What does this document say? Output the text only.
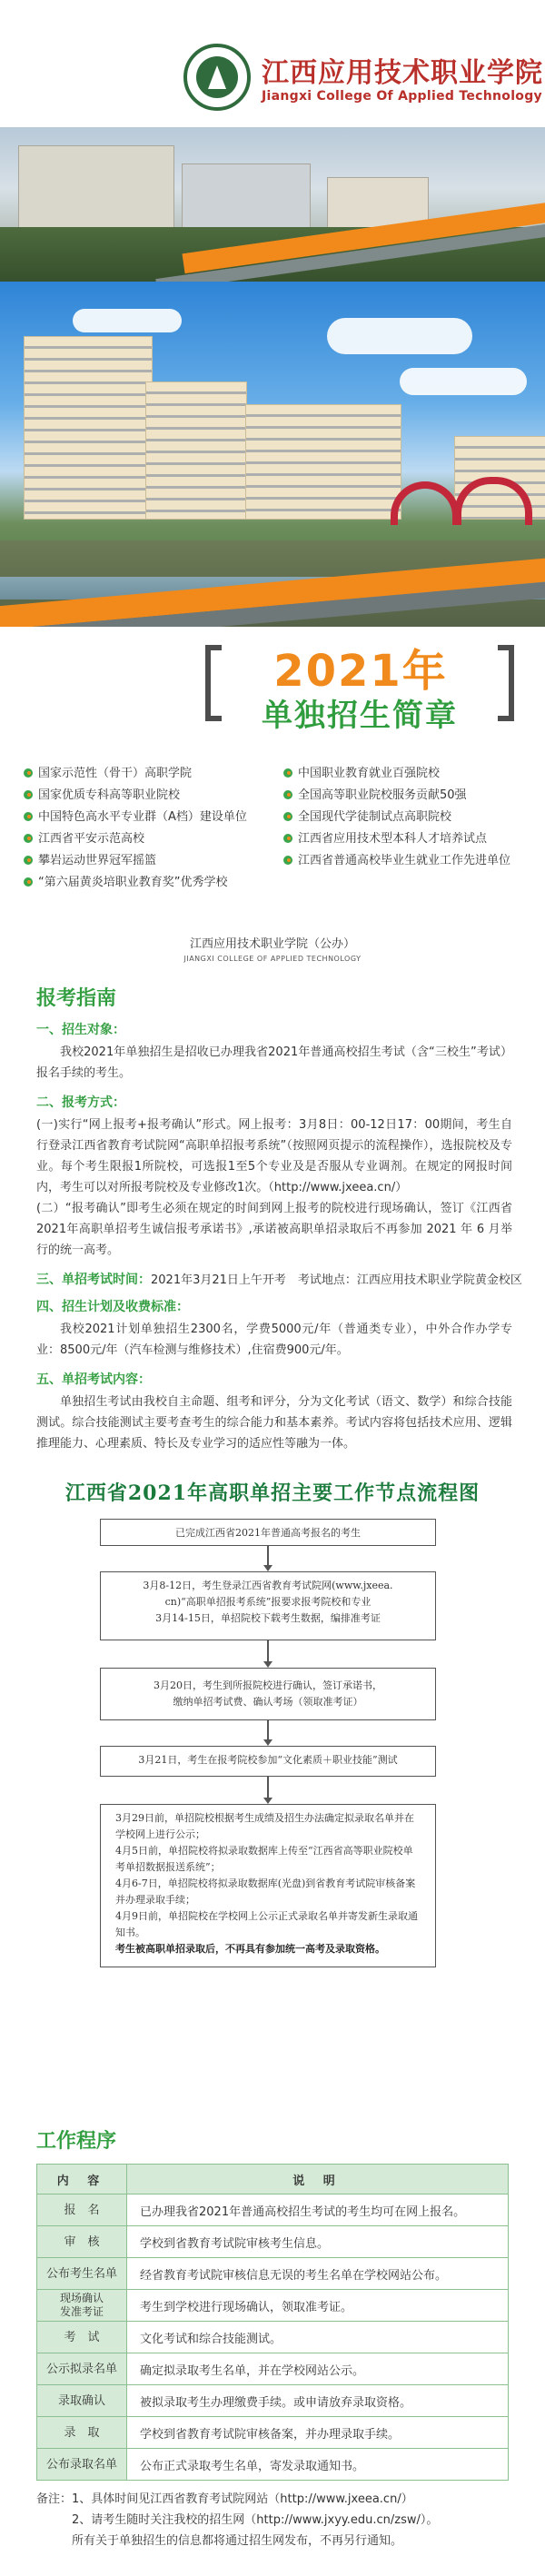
江西应用技术职业学院
Jiangxi College Of Applied Technology
2021年
单独招生简章
国家示范性（骨干）高职学院
国家优质专科高等职业院校
中国特色高水平专业群（A档）建设单位
江西省平安示范高校
攀岩运动世界冠军摇篮
“第六届黄炎培职业教育奖”优秀学校
中国职业教育就业百强院校
全国高等职业院校服务贡献50强
全国现代学徒制试点高职院校
江西省应用技术型本科人才培养试点
江西省普通高校毕业生就业工作先进单位
江西应用技术职业学院（公办）
JIANGXI COLLEGE OF APPLIED TECHNOLOGY
报考指南
一、招生对象：
我校2021年单独招生是招收已办理我省2021年普通高校招生考试（含“三校生”考试）报名手续的考生。
二、报考方式：
(一)实行“网上报考+报考确认”形式。网上报考：3月8日：00-12日17：00期间，考生自行登录江西省教育考试院网“高职单招报考系统”（按照网页提示的流程操作），选报院校及专业。每个考生限报1所院校，可选报1至5个专业及是否服从专业调剂。在规定的网报时间内，考生可以对所报考院校及专业修改1次。（http://www.jxeea.cn/）
(二）“报考确认”即考生必须在规定的时间到网上报考的院校进行现场确认，签订《江西省 2021年高职单招考生诚信报考承诺书》,承诺被高职单招录取后不再参加 2021 年 6 月举行的统一高考。
三、单招考试时间：2021年3月21日上午开考　考试地点：江西应用技术职业学院黄金校区
四、招生计划及收费标准：
我校2021计划单独招生2300名，学费5000元/年（普通类专业），中外合作办学专业：8500元/年（汽车检测与维修技术）,住宿费900元/年。
五、单招考试内容：
单独招生考试由我校自主命题、组考和评分，分为文化考试（语文、数学）和综合技能测试。综合技能测试主要考查考生的综合能力和基本素养。考试内容将包括技术应用、逻辑推理能力、心理素质、特长及专业学习的适应性等融为一体。
江西省2021年高职单招主要工作节点流程图
已完成江西省2021年普通高考报名的考生
3月8-12日，考生登录江西省教育考试院网(www.jxeea.
cn)“高职单招报考系统”报要求报考院校和专业
3月14-15日，单招院校下载考生数据，编排准考证
3月20日，考生到所报院校进行确认，签订承诺书，
缴纳单招考试费、确认考场（领取准考证）
3月21日，考生在报考院校参加“文化素质＋职业技能”测试
3月29日前，单招院校根据考生成绩及招生办法确定拟录取名单并在学校网上进行公示；
4月5日前，单招院校将拟录取数据库上传至“江西省高等职业院校单考单招数据报送系统”；
4月6-7日，单招院校将拟录取数据库(光盘)到省教育考试院审核备案并办理录取手续；
4月9日前，单招院校在学校网上公示正式录取名单并寄发新生录取通知书。
考生被高职单招录取后，不再具有参加统一高考及录取资格。
工作程序
内 容	说 明
报　名	已办理我省2021年普通高校招生考试的考生均可在网上报名。
审　核	学校到省教育考试院审核考生信息。
公布考生名单	经省教育考试院审核信息无误的考生名单在学校网站公布。
现场确认
发准考证	考生到学校进行现场确认，领取准考证。
考　试	文化考试和综合技能测试。
公示拟录名单	确定拟录取考生名单，并在学校网站公示。
录取确认	被拟录取考生办理缴费手续。或申请放弃录取资格。
录　取	学校到省教育考试院审核备案，并办理录取手续。
公布录取名单	公布正式录取考生名单，寄发录取通知书。
备注：1、具体时间见江西省教育考试院网站（http://www.jxeea.cn/）
　　　2、请考生随时关注我校的招生网（http://www.jxyy.edu.cn/zsw/）。
　　　所有关于单独招生的信息都将通过招生网发布，不再另行通知。
